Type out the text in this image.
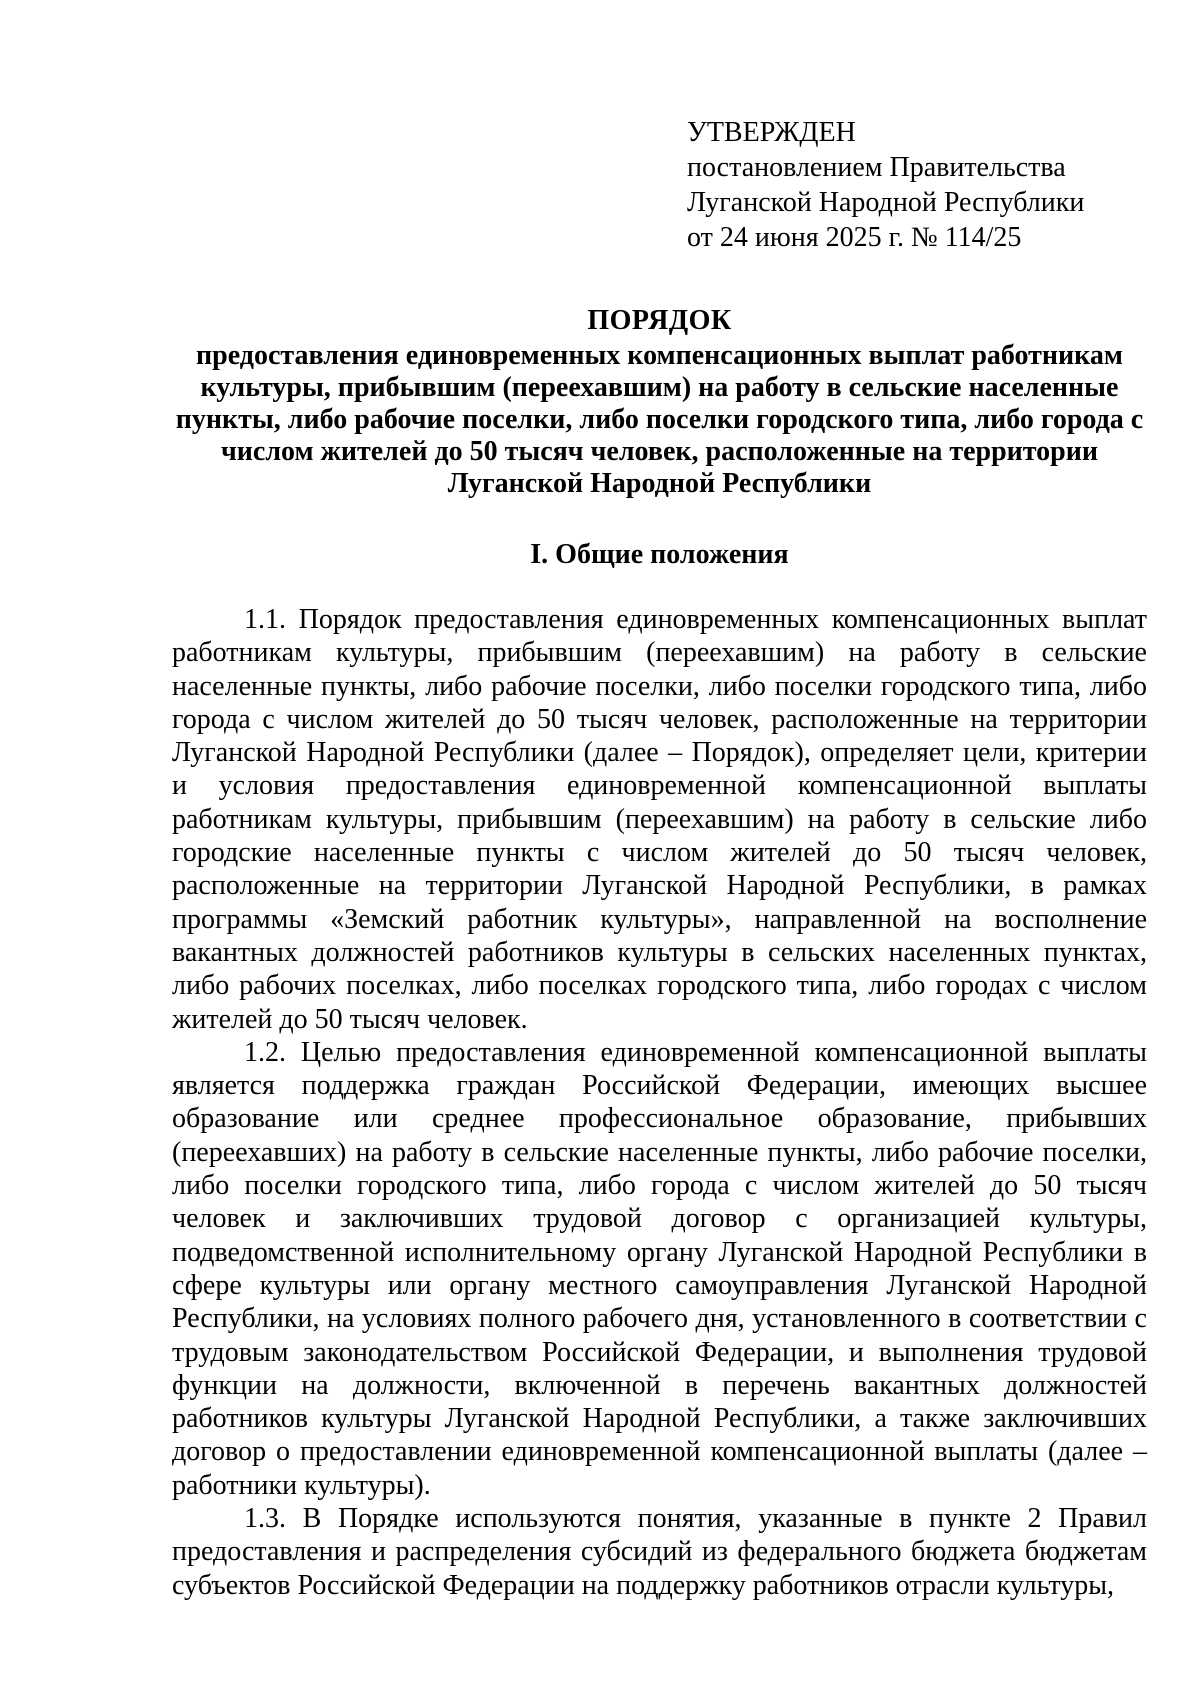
УТВЕРЖДЕН
постановлением Правительства
Луганской Народной Республики
от 24 июня 2025 г. № 114/25
ПОРЯДОК
предоставления единовременных компенсационных выплат работникам культуры, прибывшим (переехавшим) на работу в сельские населенные пункты, либо рабочие поселки, либо поселки городского типа, либо города с числом жителей до 50 тысяч человек, расположенные на территории Луганской Народной Республики
I. Общие положения

1.1. Порядок предоставления единовременных компенсационных выплат работникам культуры, прибывшим (переехавшим) на работу в сельские населенные пункты, либо рабочие поселки, либо поселки городского типа, либо города с числом жителей до 50 тысяч человек, расположенные на территории Луганской Народной Республики (далее – Порядок), определяет цели, критерии и условия предоставления единовременной компенсационной выплаты работникам культуры, прибывшим (переехавшим) на работу в сельские либо городские населенные пункты с числом жителей до 50 тысяч человек, расположенные на территории Луганской Народной Республики, в рамках программы «Земский работник культуры», направленной на восполнение вакантных должностей работников культуры в сельских населенных пунктах, либо рабочих поселках, либо поселках городского типа, либо городах с числом жителей до 50 тысяч человек.

1.2. Целью предоставления единовременной компенсационной выплаты является поддержка граждан Российской Федерации, имеющих высшее образование или среднее профессиональное образование, прибывших (переехавших) на работу в сельские населенные пункты, либо рабочие поселки, либо поселки городского типа, либо города с числом жителей до 50 тысяч человек и заключивших трудовой договор с организацией культуры, подведомственной исполнительному органу Луганской Народной Республики в сфере культуры или органу местного самоуправления Луганской Народной Республики, на условиях полного рабочего дня, установленного в соответствии с трудовым законодательством Российской Федерации, и выполнения трудовой функции на должности, включенной в перечень вакантных должностей работников культуры Луганской Народной Республики, а также заключивших договор о предоставлении единовременной компенсационной выплаты (далее – работники культуры).

1.3. В Порядке используются понятия, указанные в пункте 2 Правил предоставления и распределения субсидий из федерального бюджета бюджетам субъектов Российской Федерации на поддержку работников отрасли культуры,
